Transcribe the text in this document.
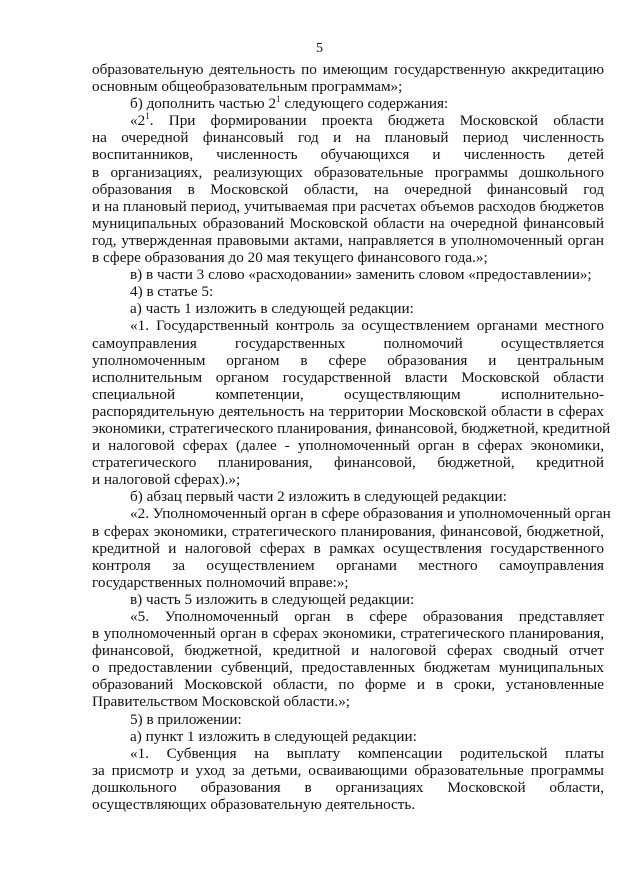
5
образовательную деятельность по имеющим государственную аккредитацию
основным общеобразовательным программам»;
б) дополнить частью $2^1$ следующего содержания:
«$2^1$. При формировании проекта бюджета Московской области
на очередной финансовый год и на плановый период численность
воспитанников, численность обучающихся и численность детей
в организациях, реализующих образовательные программы дошкольного
образования в Московской области, на очередной финансовый год
и на плановый период, учитываемая при расчетах объемов расходов бюджетов
муниципальных образований Московской области на очередной финансовый
год, утвержденная правовыми актами, направляется в уполномоченный орган
в сфере образования до 20 мая текущего финансового года.»;
в) в части 3 слово «расходовании» заменить словом «предоставлении»;
4) в статье 5:
а) часть 1 изложить в следующей редакции:
«1. Государственный контроль за осуществлением органами местного
самоуправления государственных полномочий осуществляется
уполномоченным органом в сфере образования и центральным
исполнительным органом государственной власти Московской области
специальной компетенции, осуществляющим исполнительно-
распорядительную деятельность на территории Московской области в сферах
экономики, стратегического планирования, финансовой, бюджетной, кредитной
и налоговой сферах (далее - уполномоченный орган в сферах экономики,
стратегического планирования, финансовой, бюджетной, кредитной
и налоговой сферах).»;
б) абзац первый части 2 изложить в следующей редакции:
«2. Уполномоченный орган в сфере образования и уполномоченный орган
в сферах экономики, стратегического планирования, финансовой, бюджетной,
кредитной и налоговой сферах в рамках осуществления государственного
контроля за осуществлением органами местного самоуправления
государственных полномочий вправе:»;
в) часть 5 изложить в следующей редакции:
«5. Уполномоченный орган в сфере образования представляет
в уполномоченный орган в сферах экономики, стратегического планирования,
финансовой, бюджетной, кредитной и налоговой сферах сводный отчет
о предоставлении субвенций, предоставленных бюджетам муниципальных
образований Московской области, по форме и в сроки, установленные
Правительством Московской области.»;
5) в приложении:
а) пункт 1 изложить в следующей редакции:
«1. Субвенция на выплату компенсации родительской платы
за присмотр и уход за детьми, осваивающими образовательные программы
дошкольного образования в организациях Московской области,
осуществляющих образовательную деятельность.
